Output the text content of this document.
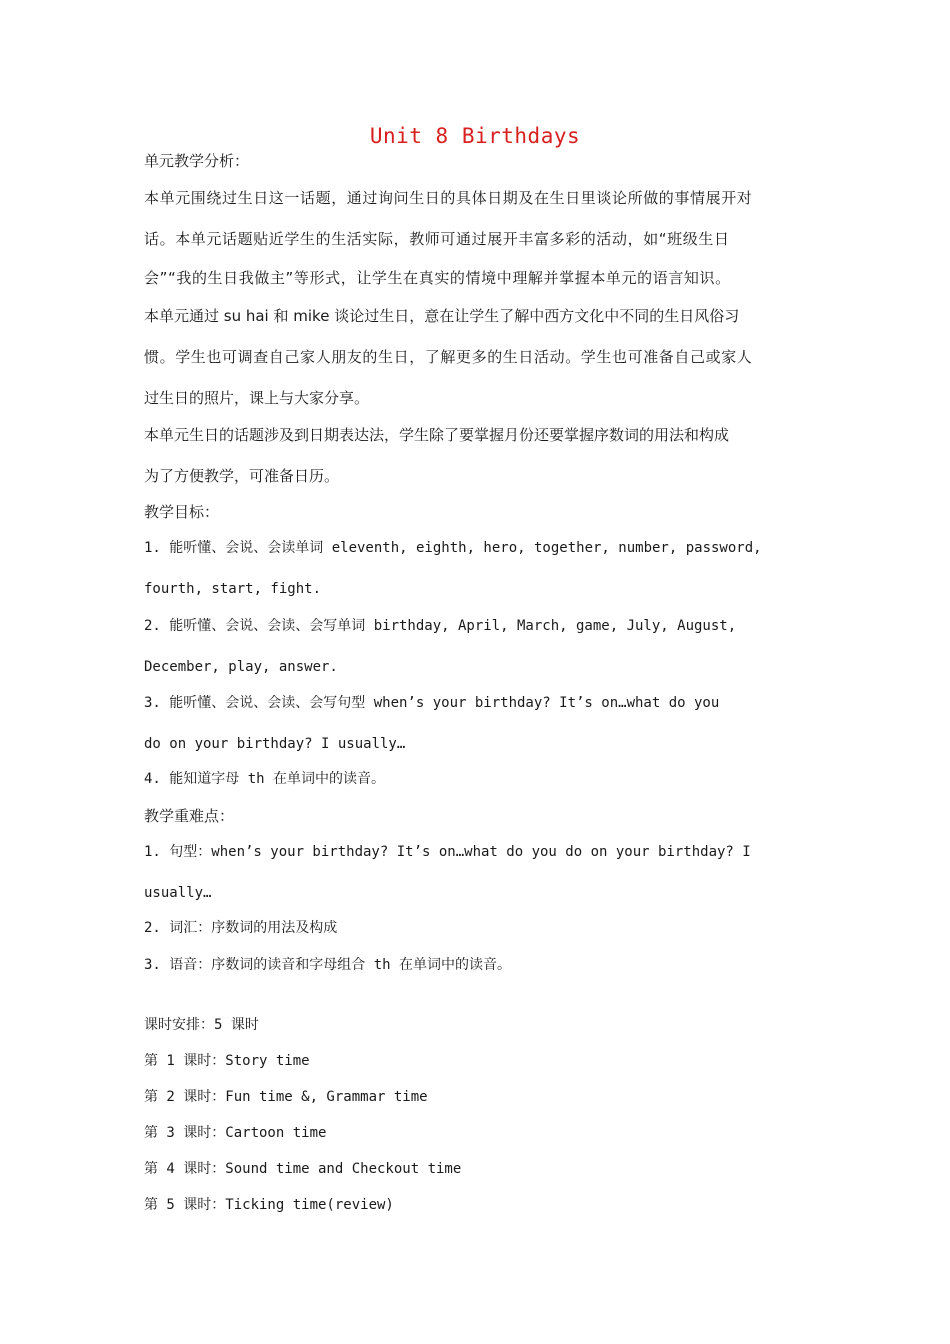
Unit 8 Birthdays
单元教学分析：
本单元围绕过生日这一话题，通过询问生日的具体日期及在生日里谈论所做的事情展开对
话。本单元话题贴近学生的生活实际，教师可通过展开丰富多彩的活动，如“班级生日
会”“我的生日我做主”等形式，让学生在真实的情境中理解并掌握本单元的语言知识。
本单元通过 su hai 和 mike 谈论过生日，意在让学生了解中西方文化中不同的生日风俗习
惯。学生也可调查自己家人朋友的生日，了解更多的生日活动。学生也可准备自己或家人
过生日的照片，课上与大家分享。
本单元生日的话题涉及到日期表达法，学生除了要掌握月份还要掌握序数词的用法和构成
为了方便教学，可准备日历。
教学目标：
1. 能听懂、会说、会读单词 eleventh, eighth, hero, together, number, password,
fourth, start, fight.
2. 能听懂、会说、会读、会写单词 birthday, April, March, game, July, August,
December, play, answer.
3. 能听懂、会说、会读、会写句型 when’s your birthday? It’s on…what do you
do on your birthday? I usually…
4. 能知道字母 th 在单词中的读音。
教学重难点：
1. 句型：when’s your birthday? It’s on…what do you do on your birthday? I
usually…
2. 词汇：序数词的用法及构成
3. 语音：序数词的读音和字母组合 th 在单词中的读音。
课时安排：5 课时
第 1 课时：Story time
第 2 课时：Fun time &, Grammar time
第 3 课时：Cartoon time
第 4 课时：Sound time and Checkout time
第 5 课时：Ticking time(review)
